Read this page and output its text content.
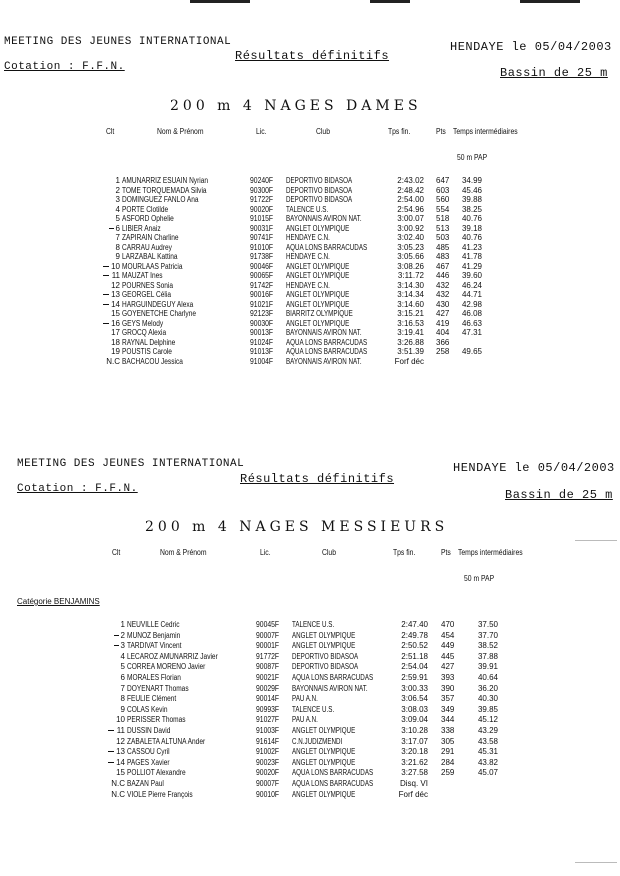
MEETING DES JEUNES INTERNATIONAL	HENDAYE le 05/04/2003
Résultats définitifs
Cotation : F.F.N.	Bassin de 25 m
200 m 4 NAGES DAMES
Clt	Nom & Prénom	Lic.	Club	Tps fin.	Pts Temps intermédiaires
50 m PAP
1 AMUNARRIZ ESUAIN Nyrian	90240F DEPORTIVO BIDASOA	2:43.02 647	34.99
2 TOME TORQUEMADA Silvia	90300F DEPORTIVO BIDASOA	2:48.42 603	45.46
3 DOMINGUEZ FANLO Ana	91722F DEPORTIVO BIDASOA	2:54.00 560	39.88
4 PORTE Clotilde	90020F TALENCE U.S.	2:54.96 554	38.25
5 ASFORD Ophelie	91015F BAYONNAIS AVIRON NAT.	3:00.07 518	40.76
6 LIBIER Anaiz	90031F ANGLET OLYMPIQUE	3:00.92 513	39.18
7 ZAPIRAIN Charline	90741F HENDAYE C.N.	3:02.40 503	40.76
8 CARRAU Audrey	91010F AQUA LONS BARRACUDAS	3:05.23 485	41.23
9 LARZABAL Kattina	91738F HENDAYE C.N.	3:05.66 483	41.78
10 MOURLAAS Patricia	90046F ANGLET OLYMPIQUE	3:08.26 467	41.29
11 MAUZAT Ines	90065F ANGLET OLYMPIQUE	3:11.72 446	39.60
12 POURNES Sonia	91742F HENDAYE C.N.	3:14.30 432	46.24
13 GEORGEL Célia	90016F ANGLET OLYMPIQUE	3:14.34 432	44.71
14 HARGUINDEGUY Alexa	91021F ANGLET OLYMPIQUE	3:14.60 430	42.98
15 GOYENETCHE Charlyne	92123F BIARRITZ OLYMPIQUE	3:15.21 427	46.08
16 GEYS Melody	90030F ANGLET OLYMPIQUE	3:16.53 419	46.63
17 GROCQ Alexia	90013F BAYONNAIS AVIRON NAT.	3:19.41 404	47.31
18 RAYNAL Delphine	91024F AQUA LONS BARRACUDAS	3:26.88 366
19 POUSTIS Carole	91013F AQUA LONS BARRACUDAS	3:51.39 258	49.65
N.C BACHACOU Jessica	91004F BAYONNAIS AVIRON NAT.	Forf déc
MEETING DES JEUNES INTERNATIONAL	HENDAYE le 05/04/2003
Résultats définitifs
Cotation : F.F.N.	Bassin de 25 m
200 m 4 NAGES MESSIEURS
Clt	Nom & Prénom	Lic.	Club	Tps fin.	Pts Temps intermédiaires
50 m PAP
Catégorie BENJAMINS
1 NEUVILLE Cedric	90045F TALENCE U.S.	2:47.40 470	37.50
2 MUNOZ Benjamin	90007F ANGLET OLYMPIQUE	2:49.78 454	37.70
3 TARDIVAT Vincent	90001F ANGLET OLYMPIQUE	2:50.52 449	38.52
4 LECAROZ AMUNARRIZ Javier	91772F DEPORTIVO BIDASOA	2:51.18 445	37.88
5 CORREA MORENO Javier	90087F DEPORTIVO BIDASOA	2:54.04 427	39.91
6 MORALES Florian	90021F AQUA LONS BARRACUDAS	2:59.91 393	40.64
7 DOYENART Thomas	90029F BAYONNAIS AVIRON NAT.	3:00.33 390	36.20
8 FEULIE Clément	90014F PAU A.N.	3:06.54 357	40.30
9 COLAS Kevin	90993F TALENCE U.S.	3:08.03 349	39.85
10 PERISSER Thomas	91027F PAU A.N.	3:09.04 344	45.12
11 DUSSIN David	91003F ANGLET OLYMPIQUE	3:10.28 338	43.29
12 ZABALETA ALTUNA Ander	91614F C.N.JUDIZMENDI	3:17.07 305	43.58
13 CASSOU Cyril	91002F ANGLET OLYMPIQUE	3:20.18 291	45.31
14 PAGES Xavier	90023F ANGLET OLYMPIQUE	3:21.62 284	43.82
15 POLLIOT Alexandre	90020F AQUA LONS BARRACUDAS	3:27.58 259	45.07
N.C BAZAN Paul	90007F AQUA LONS BARRACUDAS	Disq. VI
N.C VIOLE Pierre François	90010F ANGLET OLYMPIQUE	Forf déc
